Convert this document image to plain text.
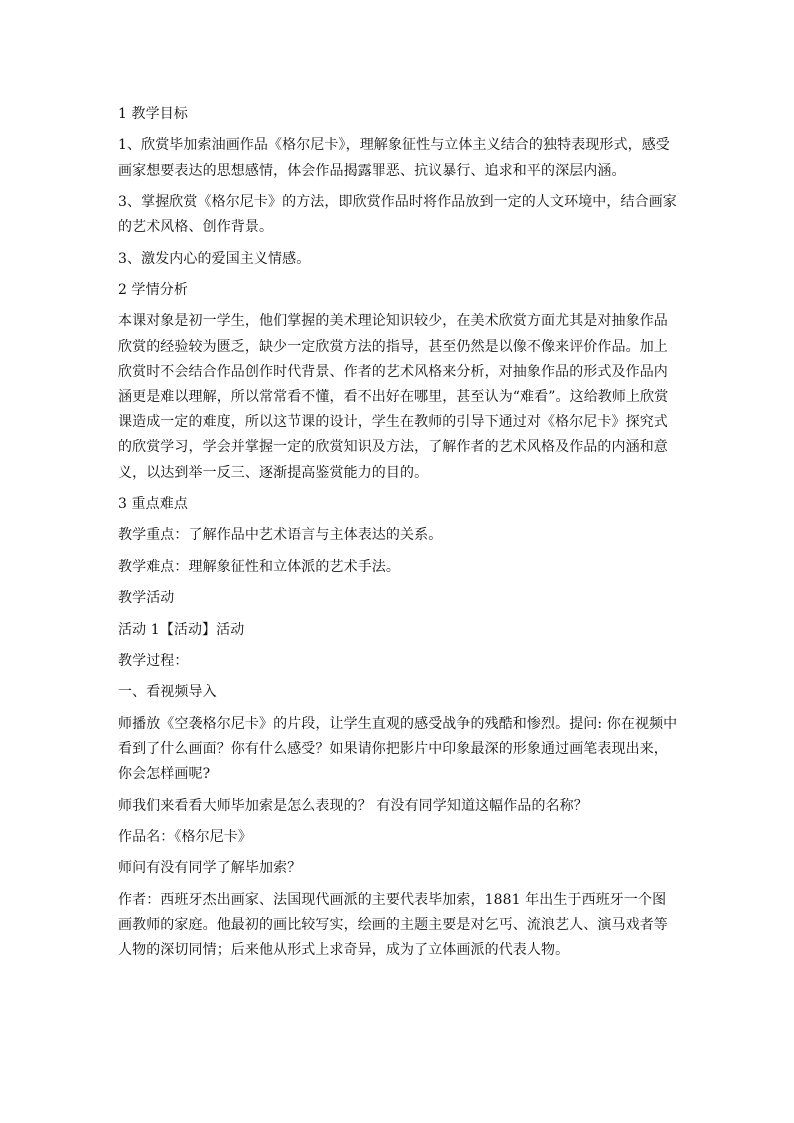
1 教学目标

1、欣赏毕加索油画作品《格尔尼卡》，理解象征性与立体主义结合的独特表现形式，感受画家想要表达的思想感情，体会作品揭露罪恶、抗议暴行、追求和平的深层内涵。

3、掌握欣赏《格尔尼卡》的方法，即欣赏作品时将作品放到一定的人文环境中，结合画家的艺术风格、创作背景。

3、激发内心的爱国主义情感。

2 学情分析

本课对象是初一学生，他们掌握的美术理论知识较少，在美术欣赏方面尤其是对抽象作品欣赏的经验较为匮乏，缺少一定欣赏方法的指导，甚至仍然是以像不像来评价作品。加上欣赏时不会结合作品创作时代背景、作者的艺术风格来分析，对抽象作品的形式及作品内涵更是难以理解，所以常常看不懂，看不出好在哪里，甚至认为“难看”。这给教师上欣赏课造成一定的难度，所以这节课的设计，学生在教师的引导下通过对《格尔尼卡》探究式的欣赏学习，学会并掌握一定的欣赏知识及方法，了解作者的艺术风格及作品的内涵和意义，以达到举一反三、逐渐提高鉴赏能力的目的。

3 重点难点

教学重点：了解作品中艺术语言与主体表达的关系。

教学难点：理解象征性和立体派的艺术手法。

教学活动

活动 1【活动】活动

教学过程：

一、看视频导入

师播放《空袭格尔尼卡》的片段，让学生直观的感受战争的残酷和惨烈。提问: 你在视频中看到了什么画面？你有什么感受？如果请你把影片中印象最深的形象通过画笔表现出来，你会怎样画呢?

师我们来看看大师毕加索是怎么表现的？ 有没有同学知道这幅作品的名称？

作品名：《格尔尼卡》

师问有没有同学了解毕加索？

作者：西班牙杰出画家、法国现代画派的主要代表毕加索，1881 年出生于西班牙一个图画教师的家庭。他最初的画比较写实，绘画的主题主要是对乞丐、流浪艺人、演马戏者等人物的深切同情；后来他从形式上求奇异，成为了立体画派的代表人物。
